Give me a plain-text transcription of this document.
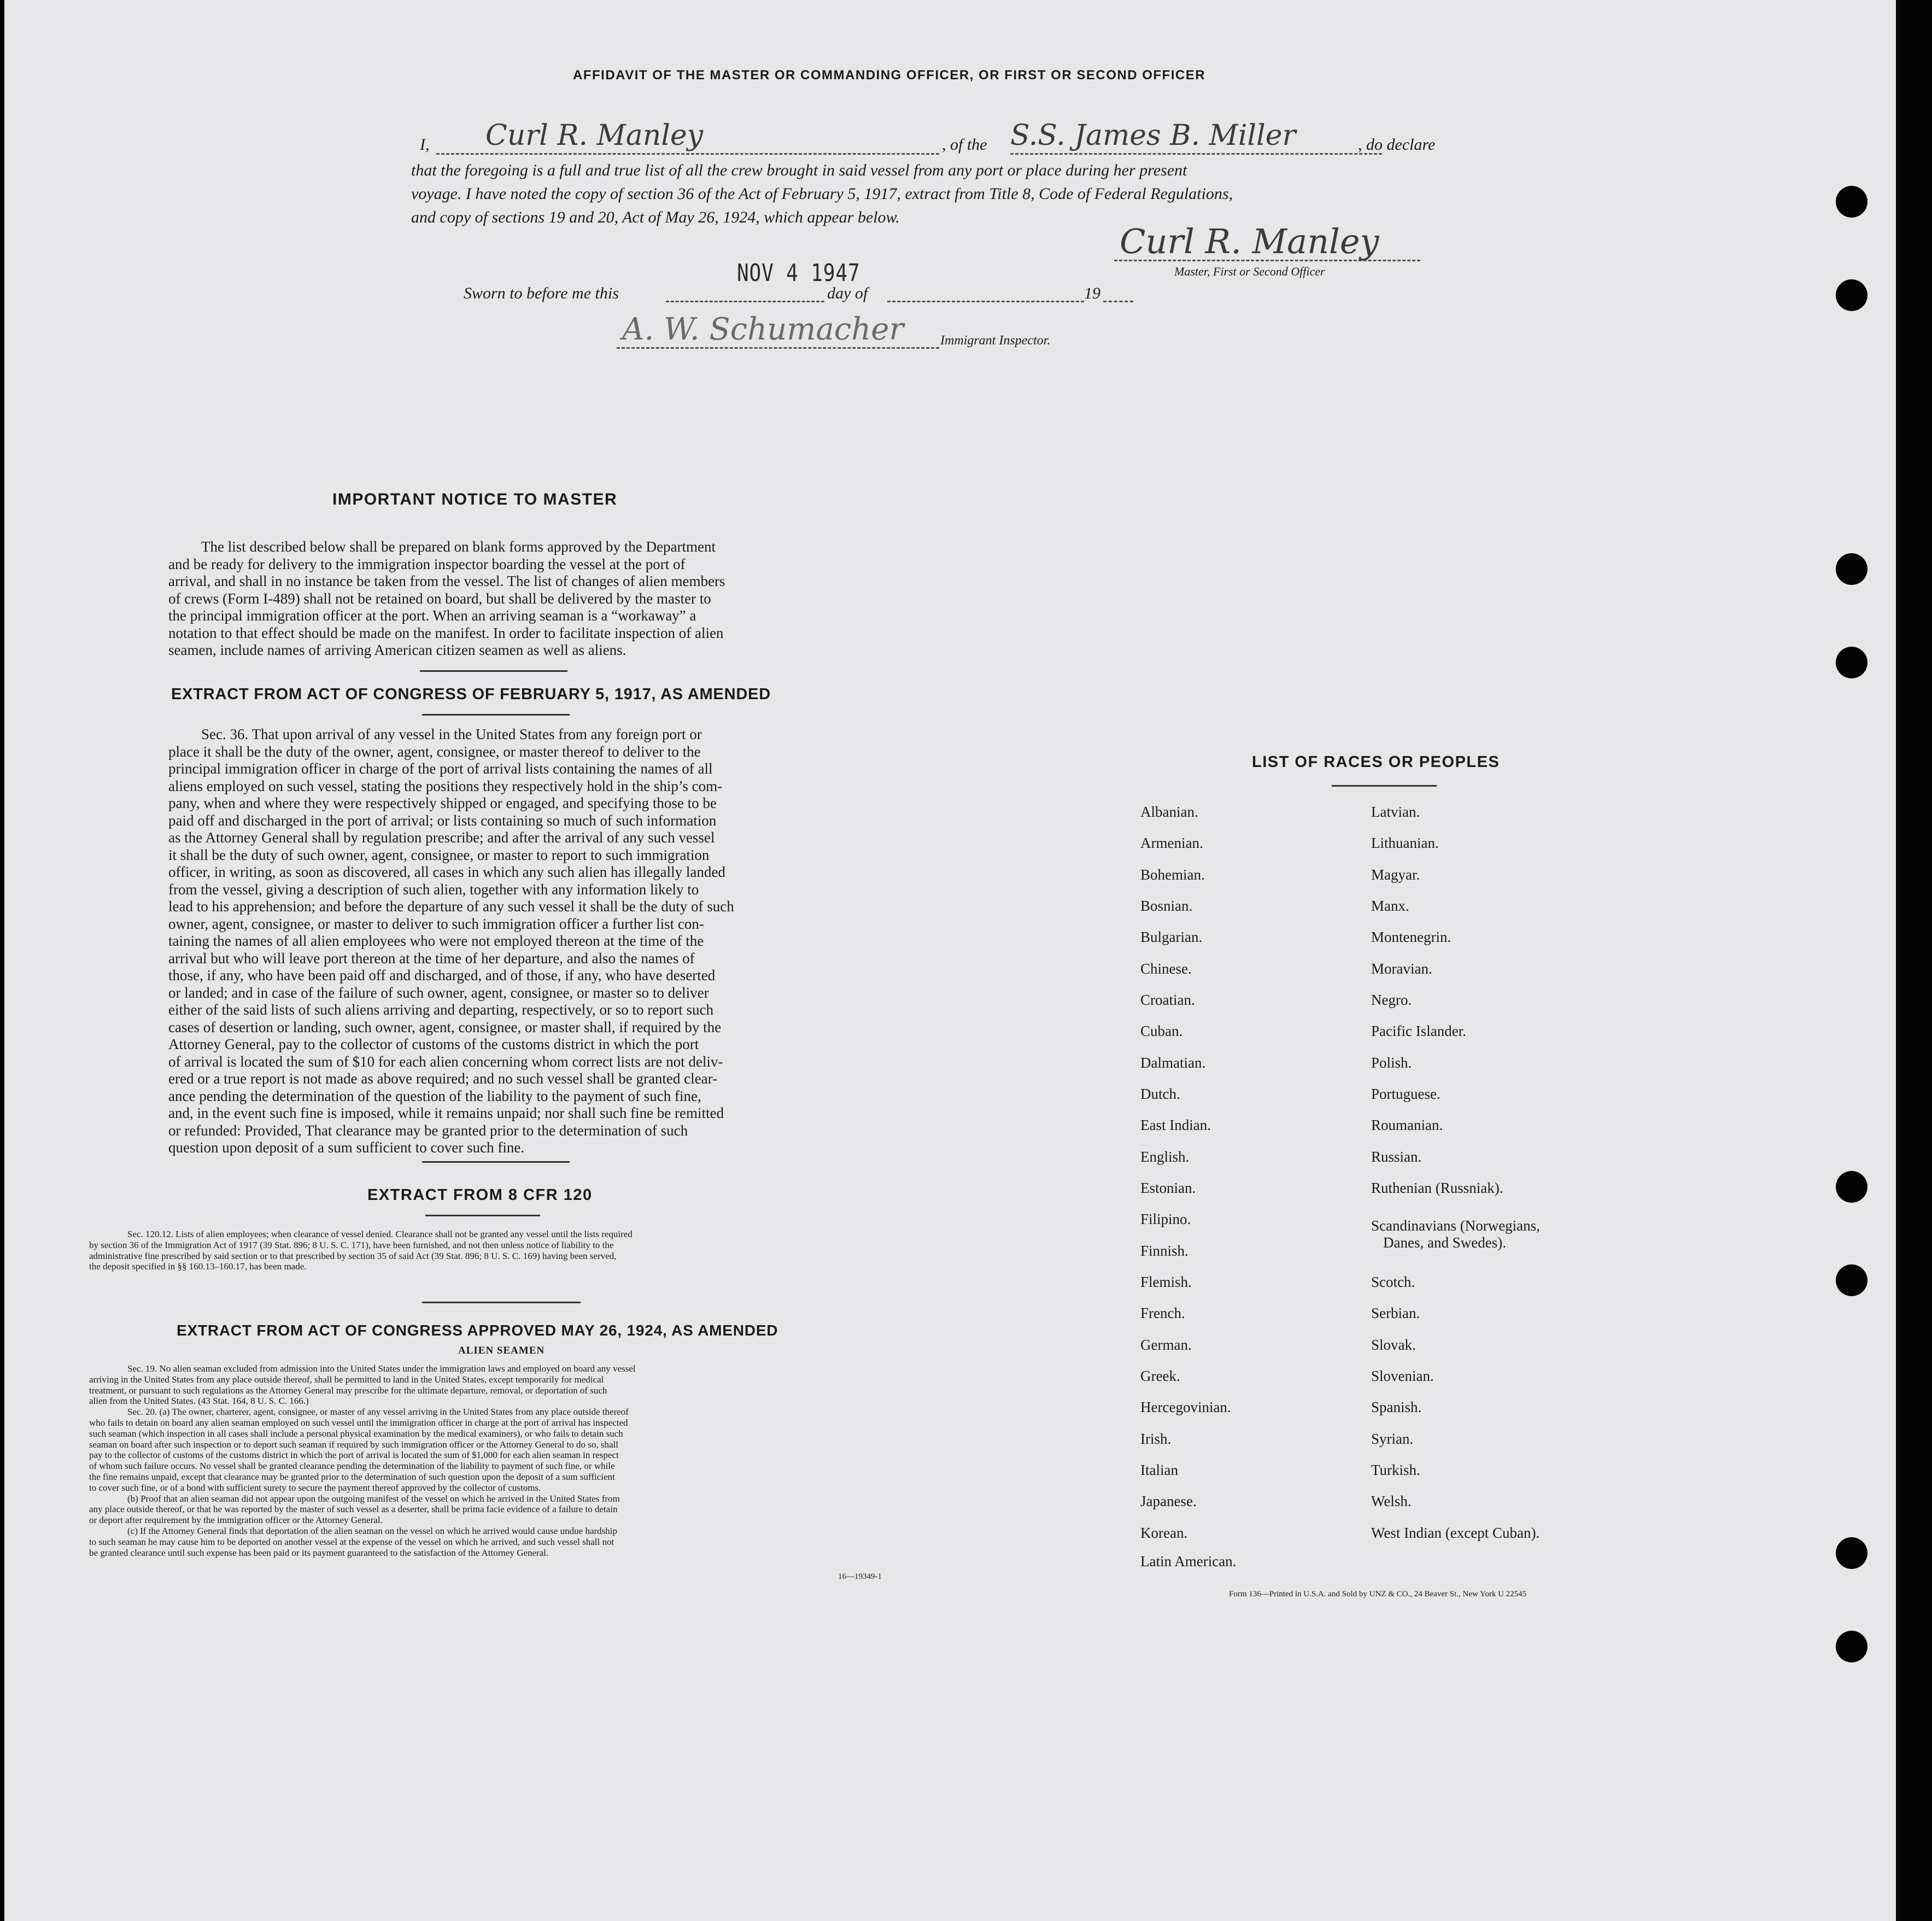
AFFIDAVIT OF THE MASTER OR COMMANDING OFFICER, OR FIRST OR SECOND OFFICER
I, Curl R. Manley	, of the S.S. James B. Miller	, do declare
that the foregoing is a full and true list of all the crew brought in said vessel from any port or place during her present
voyage. I have noted the copy of section 36 of the Act of February 5, 1917, extract from Title 8, Code of Federal Regulations,
and copy of sections 19 and 20, Act of May 26, 1924, which appear below.
Curl R. Manley
Master, First or Second Officer
Sworn to before me this
NOV 4 1947
day of	19
A. W. Schumacher	Immigrant Inspector.
IMPORTANT NOTICE TO MASTER
The list described below shall be prepared on blank forms approved by the Department
and be ready for delivery to the immigration inspector boarding the vessel at the port of
arrival, and shall in no instance be taken from the vessel. The list of changes of alien members
of crews (Form I-489) shall not be retained on board, but shall be delivered by the master to
the principal immigration officer at the port. When an arriving seaman is a “workaway” a
notation to that effect should be made on the manifest. In order to facilitate inspection of alien
seamen, include names of arriving American citizen seamen as well as aliens.
EXTRACT FROM ACT OF CONGRESS OF FEBRUARY 5, 1917, AS AMENDED
Sec. 36. That upon arrival of any vessel in the United States from any foreign port or
place it shall be the duty of the owner, agent, consignee, or master thereof to deliver to the
principal immigration officer in charge of the port of arrival lists containing the names of all
aliens employed on such vessel, stating the positions they respectively hold in the ship’s com-
pany, when and where they were respectively shipped or engaged, and specifying those to be
paid off and discharged in the port of arrival; or lists containing so much of such information
as the Attorney General shall by regulation prescribe; and after the arrival of any such vessel
it shall be the duty of such owner, agent, consignee, or master to report to such immigration
officer, in writing, as soon as discovered, all cases in which any such alien has illegally landed
from the vessel, giving a description of such alien, together with any information likely to
lead to his apprehension; and before the departure of any such vessel it shall be the duty of such
owner, agent, consignee, or master to deliver to such immigration officer a further list con-
taining the names of all alien employees who were not employed thereon at the time of the
arrival but who will leave port thereon at the time of her departure, and also the names of
those, if any, who have been paid off and discharged, and of those, if any, who have deserted
or landed; and in case of the failure of such owner, agent, consignee, or master so to deliver
either of the said lists of such aliens arriving and departing, respectively, or so to report such
cases of desertion or landing, such owner, agent, consignee, or master shall, if required by the
Attorney General, pay to the collector of customs of the customs district in which the port
of arrival is located the sum of $10 for each alien concerning whom correct lists are not deliv-
ered or a true report is not made as above required; and no such vessel shall be granted clear-
ance pending the determination of the question of the liability to the payment of such fine,
and, in the event such fine is imposed, while it remains unpaid; nor shall such fine be remitted
or refunded: Provided, That clearance may be granted prior to the determination of such
question upon deposit of a sum sufficient to cover such fine.
EXTRACT FROM 8 CFR 120
Sec. 120.12. Lists of alien employees; when clearance of vessel denied. Clearance shall not be granted any vessel until the lists required
by section 36 of the Immigration Act of 1917 (39 Stat. 896; 8 U. S. C. 171), have been furnished, and not then unless notice of liability to the
administrative fine prescribed by said section or to that prescribed by section 35 of said Act (39 Stat. 896; 8 U. S. C. 169) having been served,
the deposit specified in §§ 160.13–160.17, has been made.
EXTRACT FROM ACT OF CONGRESS APPROVED MAY 26, 1924, AS AMENDED
ALIEN SEAMEN
Sec. 19. No alien seaman excluded from admission into the United States under the immigration laws and employed on board any vessel
arriving in the United States from any place outside thereof, shall be permitted to land in the United States, except temporarily for medical
treatment, or pursuant to such regulations as the Attorney General may prescribe for the ultimate departure, removal, or deportation of such
alien from the United States. (43 Stat. 164, 8 U. S. C. 166.)
Sec. 20. (a) The owner, charterer, agent, consignee, or master of any vessel arriving in the United States from any place outside thereof
who fails to detain on board any alien seaman employed on such vessel until the immigration officer in charge at the port of arrival has inspected
such seaman (which inspection in all cases shall include a personal physical examination by the medical examiners), or who fails to detain such
seaman on board after such inspection or to deport such seaman if required by such immigration officer or the Attorney General to do so, shall
pay to the collector of customs of the customs district in which the port of arrival is located the sum of $1,000 for each alien seaman in respect
of whom such failure occurs. No vessel shall be granted clearance pending the determination of the liability to payment of such fine, or while
the fine remains unpaid, except that clearance may be granted prior to the determination of such question upon the deposit of a sum sufficient
to cover such fine, or of a bond with sufficient surety to secure the payment thereof approved by the collector of customs.
(b) Proof that an alien seaman did not appear upon the outgoing manifest of the vessel on which he arrived in the United States from
any place outside thereof, or that he was reported by the master of such vessel as a deserter, shall be prima facie evidence of a failure to detain
or deport after requirement by the immigration officer or the Attorney General.
(c) If the Attorney General finds that deportation of the alien seaman on the vessel on which he arrived would cause undue hardship
to such seaman he may cause him to be deported on another vessel at the expense of the vessel on which he arrived, and such vessel shall not
be granted clearance until such expense has been paid or its payment guaranteed to the satisfaction of the Attorney General.
16—19349-1
LIST OF RACES OR PEOPLES
Albanian.
Armenian.
Bohemian.
Bosnian.
Bulgarian.
Chinese.
Croatian.
Cuban.
Dalmatian.
Dutch.
East Indian.
English.
Estonian.
Filipino.
Finnish.
Flemish.
French.
German.
Greek.
Hercegovinian.
Irish.
Italian
Japanese.
Korean.
Latin American.
Latvian.
Lithuanian.
Magyar.
Manx.
Montenegrin.
Moravian.
Negro.
Pacific Islander.
Polish.
Portuguese.
Roumanian.
Russian.
Ruthenian (Russniak).
Scandinavians (Norwegians,
Danes, and Swedes).
Scotch.
Serbian.
Slovak.
Slovenian.
Spanish.
Syrian.
Turkish.
Welsh.
West Indian (except Cuban).
Form 136—Printed in U.S.A. and Sold by UNZ & CO., 24 Beaver St., New York U 22545
